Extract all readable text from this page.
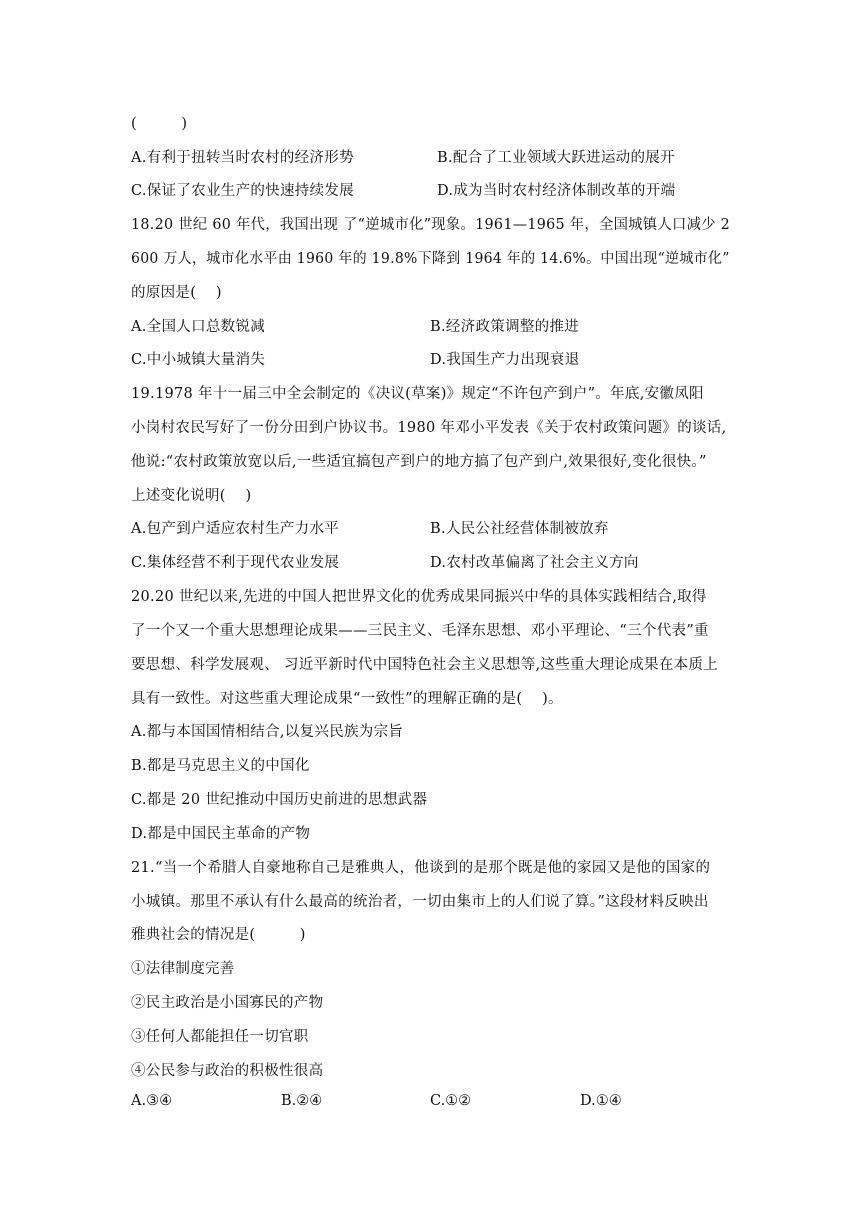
(　　　)
A.有利于扭转当时农村的经济形势	B.配合了工业领域大跃进运动的展开
C.保证了农业生产的快速持续发展	D.成为当时农村经济体制改革的开端
18.20 世纪 60 年代，我国出现 了“逆城市化”现象。1961—1965 年，全国城镇人口减少 2
600 万人，城市化水平由 1960 年的 19.8%下降到 1964 年的 14.6%。中国出现“逆城市化”
的原因是(　 )
A.全国人口总数锐减	B.经济政策调整的推进
C.中小城镇大量消失	D.我国生产力出现衰退
19.1978 年十一届三中全会制定的《决议(草案)》规定“不许包产到户”。年底,安徽凤阳
小岗村农民写好了一份分田到户协议书。1980 年邓小平发表《关于农村政策问题》的谈话,
他说:“农村政策放宽以后,一些适宜搞包产到户的地方搞了包产到户,效果很好,变化很快。”
上述变化说明(　 )
A.包产到户适应农村生产力水平	B.人民公社经营体制被放弃
C.集体经营不利于现代农业发展	D.农村改革偏离了社会主义方向
20.20 世纪以来,先进的中国人把世界文化的优秀成果同振兴中华的具体实践相结合,取得
了一个又一个重大思想理论成果——三民主义、毛泽东思想、邓小平理论、“三个代表”重
要思想、科学发展观、 习近平新时代中国特色社会主义思想等,这些重大理论成果在本质上
具有一致性。对这些重大理论成果“一致性”的理解正确的是(　 )。
A.都与本国国情相结合,以复兴民族为宗旨
B.都是马克思主义的中国化
C.都是 20 世纪推动中国历史前进的思想武器
D.都是中国民主革命的产物
21.“当一个希腊人自豪地称自己是雅典人，他谈到的是那个既是他的家园又是他的国家的
小城镇。那里不承认有什么最高的统治者，一切由集市上的人们说了算。”这段材料反映出
雅典社会的情况是(　　　)
①法律制度完善
②民主政治是小国寡民的产物
③任何人都能担任一切官职
④公民参与政治的积极性很高
A.③④	B.②④	C.①②	D.①④
